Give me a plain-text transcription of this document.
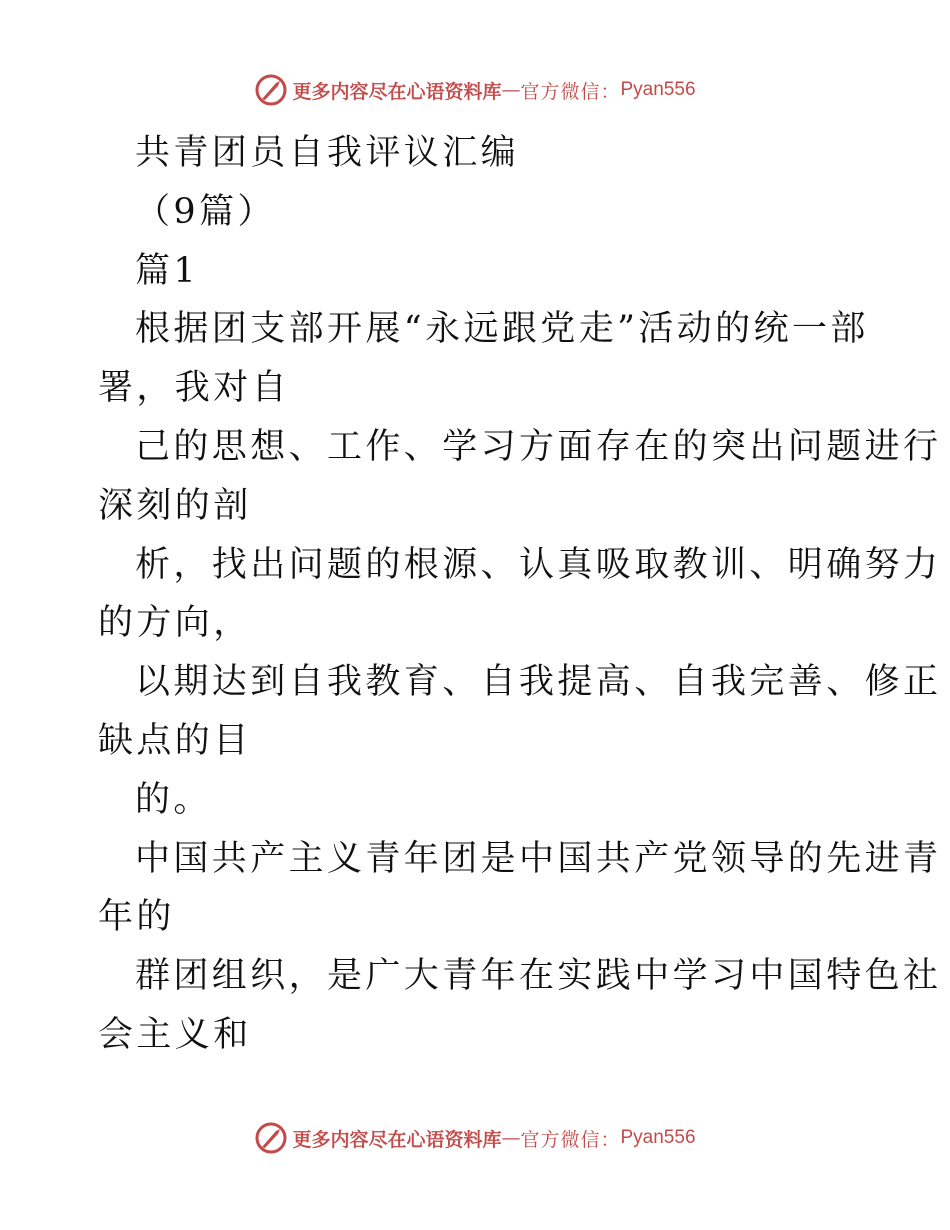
更多内容尽在心语资料库 — 官方微信： Pyan556
共青团员自我评议汇编
（9篇）
篇1
根据团支部开展“永远跟党走”活动的统一部
署，我对自
己的思想、工作、学习方面存在的突出问题进行
深刻的剖
析，找出问题的根源、认真吸取教训、明确努力
的方向，
以期达到自我教育、自我提高、自我完善、修正
缺点的目
的。
中国共产主义青年团是中国共产党领导的先进青
年的
群团组织，是广大青年在实践中学习中国特色社
会主义和
更多内容尽在心语资料库 — 官方微信： Pyan556
